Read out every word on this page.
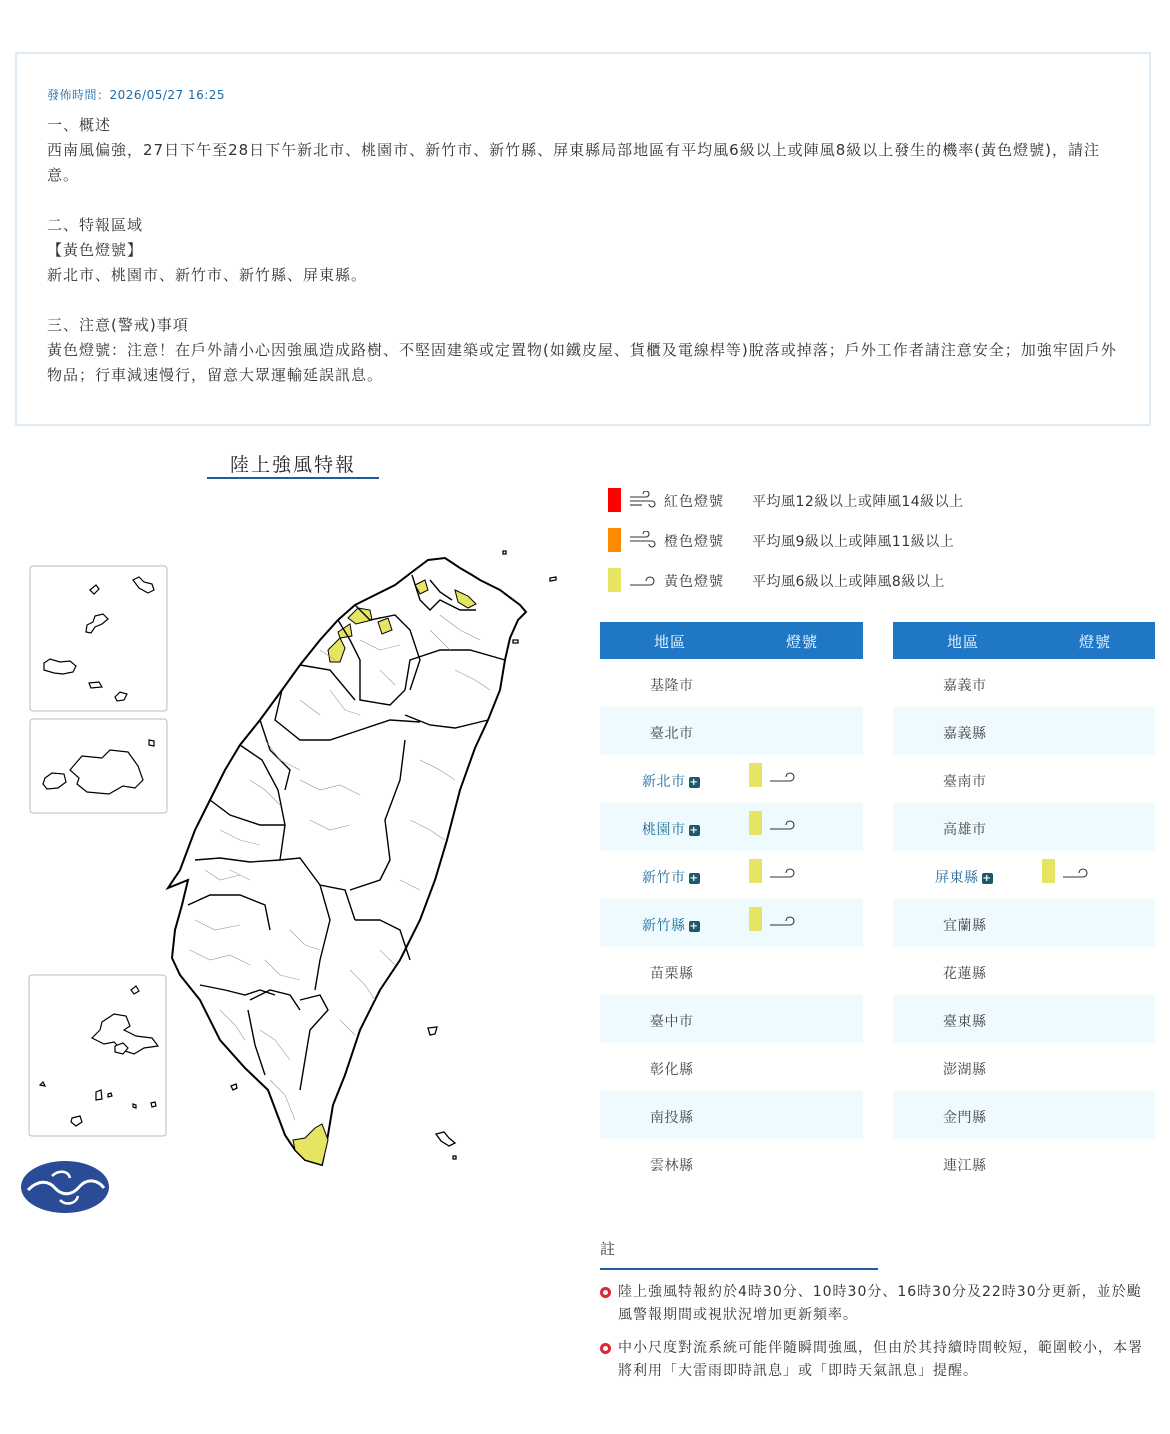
發佈時間：2026/05/27 16:25
一、概述
西南風偏強，27日下午至28日下午新北市、桃園市、新竹市、新竹縣、屏東縣局部地區有平均風6級以上或陣風8級以上發生的機率(黃色燈號)，請注意。
二、特報區域
【黃色燈號】
新北市、桃園市、新竹市、新竹縣、屏東縣。
三、注意(警戒)事項
黃色燈號：注意！在戶外請小心因強風造成路樹、不堅固建築或定置物(如鐵皮屋、貨櫃及電線桿等)脫落或掉落；戶外工作者請注意安全；加強牢固戶外物品；行車減速慢行，留意大眾運輸延誤訊息。
陸上強風特報
紅色燈號 平均風12級以上或陣風14級以上
橙色燈號 平均風9級以上或陣風11級以上
黃色燈號 平均風6級以上或陣風8級以上
地區	燈號
基隆市
臺北市
新北市 +
桃園市 +
新竹市 +
新竹縣 +
苗栗縣
臺中市
彰化縣
南投縣
雲林縣
地區	燈號
嘉義市
嘉義縣
臺南市
高雄市
屏東縣 +
宜蘭縣
花蓮縣
臺東縣
澎湖縣
金門縣
連江縣
註
陸上強風特報約於4時30分、10時30分、16時30分及22時30分更新，並於颱風警報期間或視狀況增加更新頻率。
中小尺度對流系統可能伴隨瞬間強風，但由於其持續時間較短，範圍較小，本署將利用「大雷雨即時訊息」或「即時天氣訊息」提醒。
